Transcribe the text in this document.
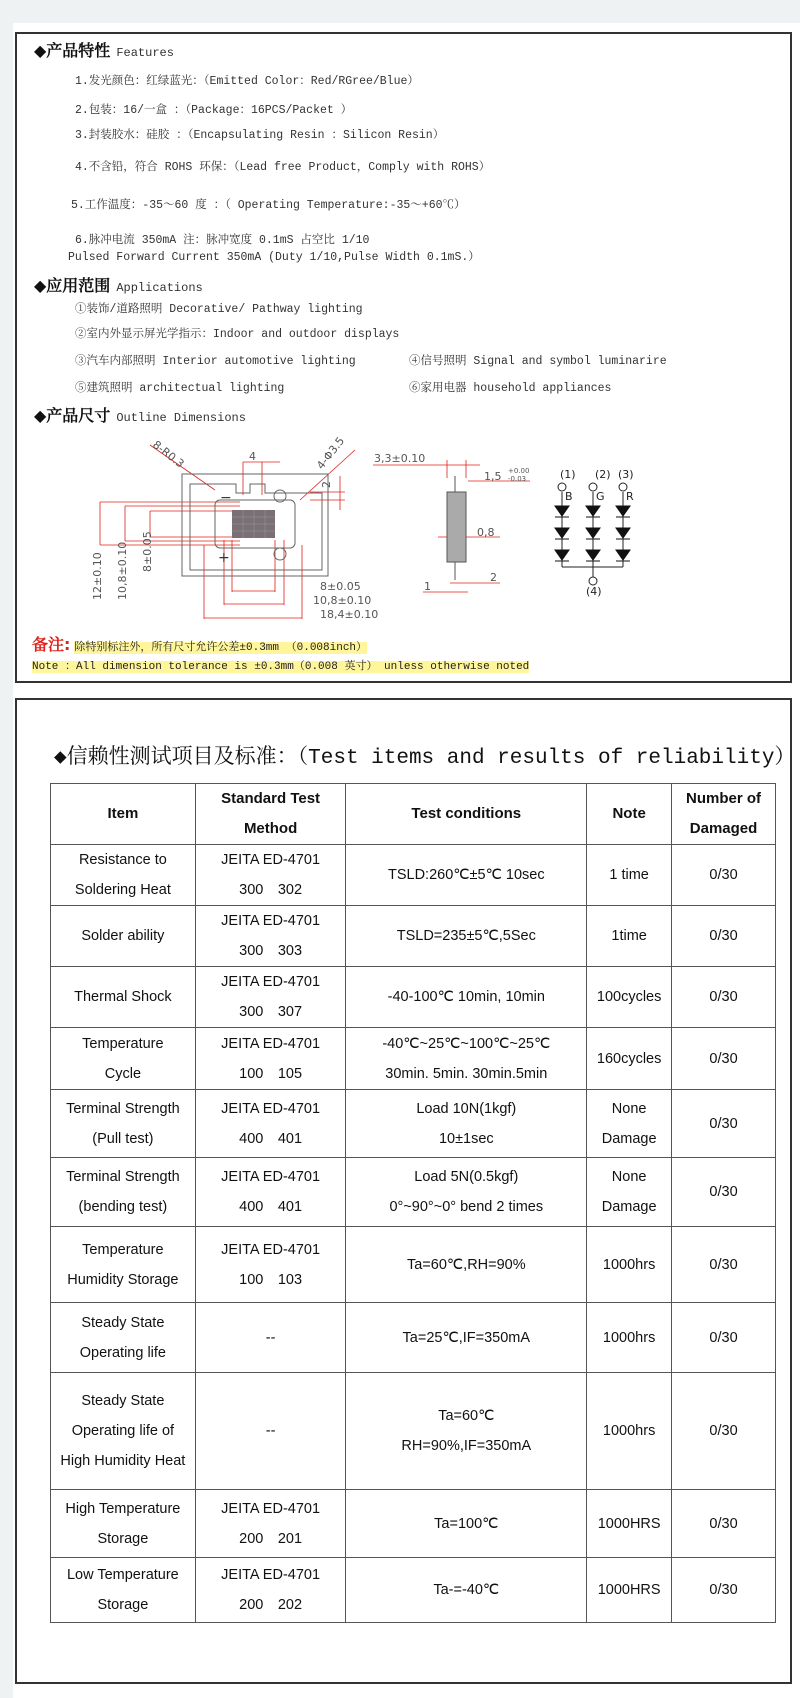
◆产品特性 Features
1.发光颜色：红绿蓝光：（Emitted Color：Red/RGree/Blue）
2.包装：16/一盒 ：（Package：16PCS/Packet ）
3.封装胶水：硅胶 ：（Encapsulating Resin ：Silicon Resin）
4.不含铅，符合 ROHS 环保：（Lead free Product，Comply with ROHS）
5.工作温度：-35～60 度 ：（ Operating Temperature:-35～+60℃）
6.脉冲电流 350mA 注：脉冲宽度 0.1mS 占空比 1/10
Pulsed Forward Current 350mA (Duty 1/10,Pulse Width 0.1mS.）
◆应用范围 Applications
①装饰/道路照明 Decorative/ Pathway lighting
②室内外显示屏光学指示：Indoor and outdoor displays
③汽车内部照明 Interior automotive lighting	④信号照明 Signal and symbol luminarire
⑤建筑照明 architectual lighting	⑥家用电器 household appliances
◆产品尺寸 Outline Dimensions
−
+
8-R0.3	4	4-Φ3.5
2
12±0.10 10,8±0.10 8±0.05
8±0.05
10,8±0.10
18,4±0.10
3,3±0.10
1,5 +0.00
-0.03
0,8
2
1
(1) (2) (3)
(4)
B G R
备注: 除特别标注外，所有尺寸允许公差±0.3mm （0.008inch）
Note ：All dimension tolerance is ±0.3mm（0.008 英寸） unless otherwise noted
◆信赖性测试项目及标准：（Test items and results of reliability）
Item	Standard Test
Method	Test conditions	Note	Number of
Damaged
Resistance to
Soldering Heat	JEITA ED-4701
300　302	TSLD:260℃±5℃ 10sec	1 time	0/30
Solder ability	JEITA ED-4701
300　303	TSLD=235±5℃,5Sec	1time	0/30
Thermal Shock	JEITA ED-4701
300　307	-40-100℃ 10min, 10min	100cycles	0/30
Temperature
Cycle	JEITA ED-4701
100　105	-40℃~25℃~100℃~25℃
30min. 5min. 30min.5min	160cycles	0/30
Terminal Strength
(Pull test)	JEITA ED-4701
400　401	Load 10N(1kgf)
10±1sec	None
Damage	0/30
Terminal Strength
(bending test)	JEITA ED-4701
400　401	Load 5N(0.5kgf)
0°~90°~0° bend 2 times	None
Damage	0/30
Temperature
Humidity Storage	JEITA ED-4701
100　103	Ta=60℃,RH=90%	1000hrs	0/30
Steady State
Operating life	--	Ta=25℃,IF=350mA	1000hrs	0/30
Steady State
Operating life of
High Humidity Heat	--	Ta=60℃
RH=90%,IF=350mA	1000hrs	0/30
High Temperature
Storage	JEITA ED-4701
200　201	Ta=100℃	1000HRS	0/30
Low Temperature
Storage	JEITA ED-4701
200　202	Ta-=-40℃	1000HRS	0/30
